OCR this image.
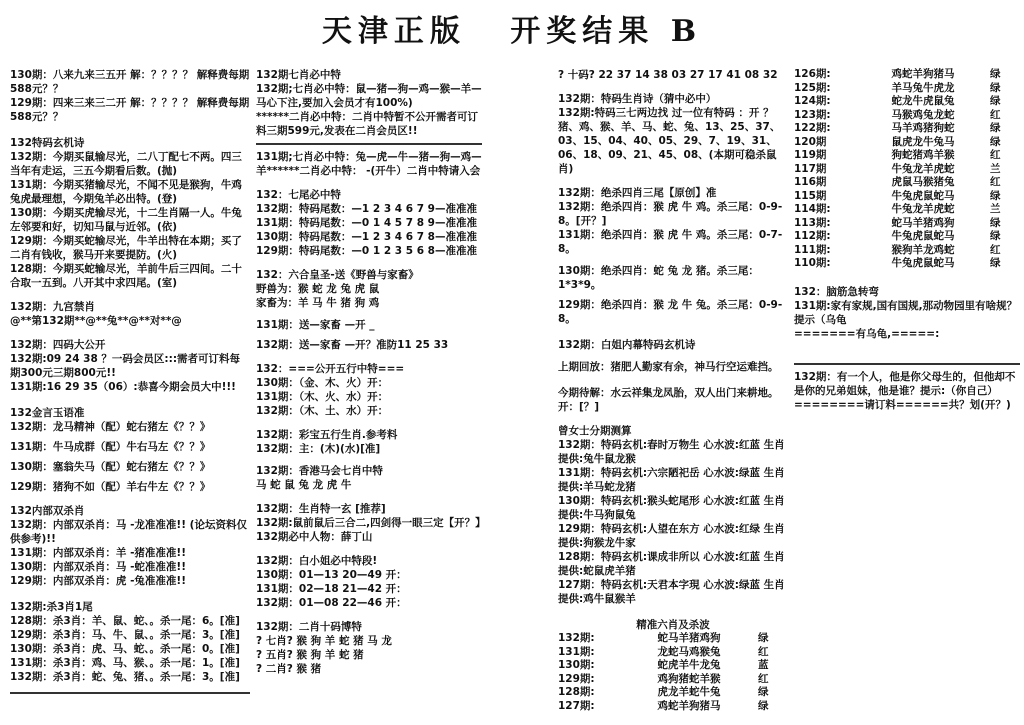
天津正版 开奖结果 B

130期：八来九来三五开 解：？？？？ 解释费每期588元？？

129期：四来三来三二开 解：？？？？ 解释费每期588元？？

132特码玄机诗

132期：今期买鼠输尽光，二八丁配七不两。四三当年有走运，三五今期看后数。(抛)

131期：今期买猪输尽光，不闻不见是猴狗，牛鸡兔虎最理想，今期兔羊必出特。(登)

130期：今期买虎输尽光，十二生肖隔一人。牛兔左邻要和好，切知马鼠与近邻。(依)

129期：今期买蛇输尽光，牛羊出特在本期；买了二肖有钱收，猴马开来要提防。(火)

128期：今期买蛇输尽光，羊前牛后三四间。二十合取一五到。八开其中求四尾。(室)

132期：九宫禁肖

@**第132期**@**兔**@**对**@

132期：四码大公开

132期:09 24 38 ？一码会员区:::需者可订料每期300元三期800元!!

131期:16 29 35（06）:恭喜今期会员大中!!!

132金言玉语准

132期：龙马精神（配）蛇右猪左《？？》

131期：牛马成群（配）牛右马左《？？》

130期：塞翁失马（配）蛇右猪左《？？》

129期：猪狗不如（配）羊右牛左《？？》

132内部双杀肖

132期：内部双杀肖：马 -龙准准准!! (论坛资料仅供参考)!!

131期：内部双杀肖：羊 -猪准准准!!

130期：内部双杀肖：马 -蛇准准准!!

129期：内部双杀肖：虎 -兔准准准!!

132期:杀3肖1尾

128期：杀3肖：羊、鼠、蛇、。杀一尾：6。[准]

129期：杀3肖：马、牛、鼠、。杀一尾：3。[准]

130期：杀3肖：虎、马、蛇、。杀一尾：0。[准]

131期：杀3肖：鸡、马、猴、。杀一尾：1。[准]

132期：杀3肖：蛇、兔、猪、。杀一尾：3。[准]

132期七肖必中特

132期;七肖必中特：鼠—猪—狗—鸡—猴—羊—马心下注,要加入会员才有100%)

******二肖必中特：二肖中特暂不公开需者可订料三期599元,发表在二肖会员区!!

131期;七肖必中特：兔—虎—牛—猪—狗—鸡—羊******二肖必中特： -(开牛）二肖中特请入会

132：七尾必中特

132期：特码尾数：—1 2 3 4 6 7 9—准准准

131期：特码尾数：—0 1 4 5 7 8 9—准准准

130期：特码尾数：—1 2 3 4 6 7 8—准准准

129期：特码尾数：—0 1 2 3 5 6 8—准准准

132：六合皇圣-送《野兽与家畜》

野兽为：猴 蛇 龙 兔 虎 鼠

家畜为：羊 马 牛 猪 狗 鸡

131期：送—家畜 —开 _

132期：送—家畜 —开？准防11 25 33

132：===公开五行中特===

130期：（金、木、火）开：

131期：（木、火、水）开：

132期：（木、土、水）开：

132期：彩宝五行生肖.参考料

132期：主：(木)(水)[准]

132期：香港马会七肖中特

马 蛇 鼠 兔 龙 虎 牛

132期：生肖特一玄 [推荐]

132期:鼠前鼠后三合二,四剑得一眼三定【开？】

132期必中人物：薛丁山

132期：白小姐必中特段!

130期：01—13 20—49 开：

131期：02—18 21—42 开：

132期：01—08 22—46 开：

132期：二肖十码博特

? 七肖? 猴 狗 羊 蛇 猪 马 龙

? 五肖? 猴 狗 羊 蛇 猪

? 二肖? 猴 猪

? 十码? 22 37 14 38 03 27 17 41 08 32

132期：特码生肖诗（猜中必中）

132期:特码三七两边找 过一位有特码 ：开 ？猪、鸡、猴、羊、马、蛇、兔、13、25、37、03、15、04、40、05、29、7、19、31、06、18、09、21、45、08、(本期可稳杀鼠肖)

132期：绝杀四肖三尾【原创】准

132期：绝杀四肖：猴 虎 牛 鸡。杀三尾：0-9-8。[开？]

131期：绝杀四肖：猴 虎 牛 鸡。杀三尾：0-7-8。

130期：绝杀四肖：蛇 兔 龙 猪。杀三尾：1*3*9。

129期：绝杀四肖：猴 龙 牛 兔。杀三尾：0-9-8。

132期：白姐内幕特码玄机诗

上期回放：猪肥人勤家有余，神马行空运难挡。

今期待解：水云祥集龙凤胎，双人出门来耕地。开：[？]

曾女士分期测算

132期：特码玄机:春时万物生 心水波:红蓝 生肖提供:兔牛鼠龙猴

131期：特码玄机:六宗陋祀岳 心水波:绿蓝 生肖提供:羊马蛇龙猪

130期：特码玄机:猴头蛇尾形 心水波:红蓝 生肖提供:牛马狗鼠兔

129期：特码玄机:人望在东方 心水波:红绿 生肖提供:狗猴龙牛家

128期：特码玄机:课成非所以 心水波:红蓝 生肖提供:蛇鼠虎羊猪

127期：特码玄机:天君本字現 心水波:绿蓝 生肖提供:鸡牛鼠猴羊

精准六肖及杀波
132期:	蛇马羊猪鸡狗	绿
131期:	龙蛇马鸡猴兔	红
130期:	蛇虎羊牛龙兔	蓝
129期:	鸡狗猪蛇羊猴	红
128期:	虎龙羊蛇牛兔	绿
127期:	鸡蛇羊狗猪马	绿
126期:	鸡蛇羊狗猪马	绿
125期:	羊马兔牛虎龙	绿
124期:	蛇龙牛虎鼠兔	绿
123期:	马猴鸡兔龙蛇	红
122期:	马羊鸡猪狗蛇	绿
120期	鼠虎龙牛兔马	绿
119期	狗蛇猪鸡羊猴	红
117期	牛兔龙羊虎蛇	兰
116期	虎鼠马猴猪兔	红
115期	牛兔虎鼠蛇马	绿
114期:	牛兔龙羊虎蛇	兰
113期:	蛇马羊猪鸡狗	绿
112期:	牛兔虎鼠蛇马	绿
111期:	猴狗羊龙鸡蛇	红
110期:	牛兔虎鼠蛇马	绿

132：脑筋急转弯

131期:家有家规,国有国规,那动物园里有啥规？提示（乌龟

=======有乌龟,=====:

132期：有一个人，他是你父母生的，但他却不是你的兄弟姐妹，他是谁？提示:（你自己）

========请订料======共？划(开？)
